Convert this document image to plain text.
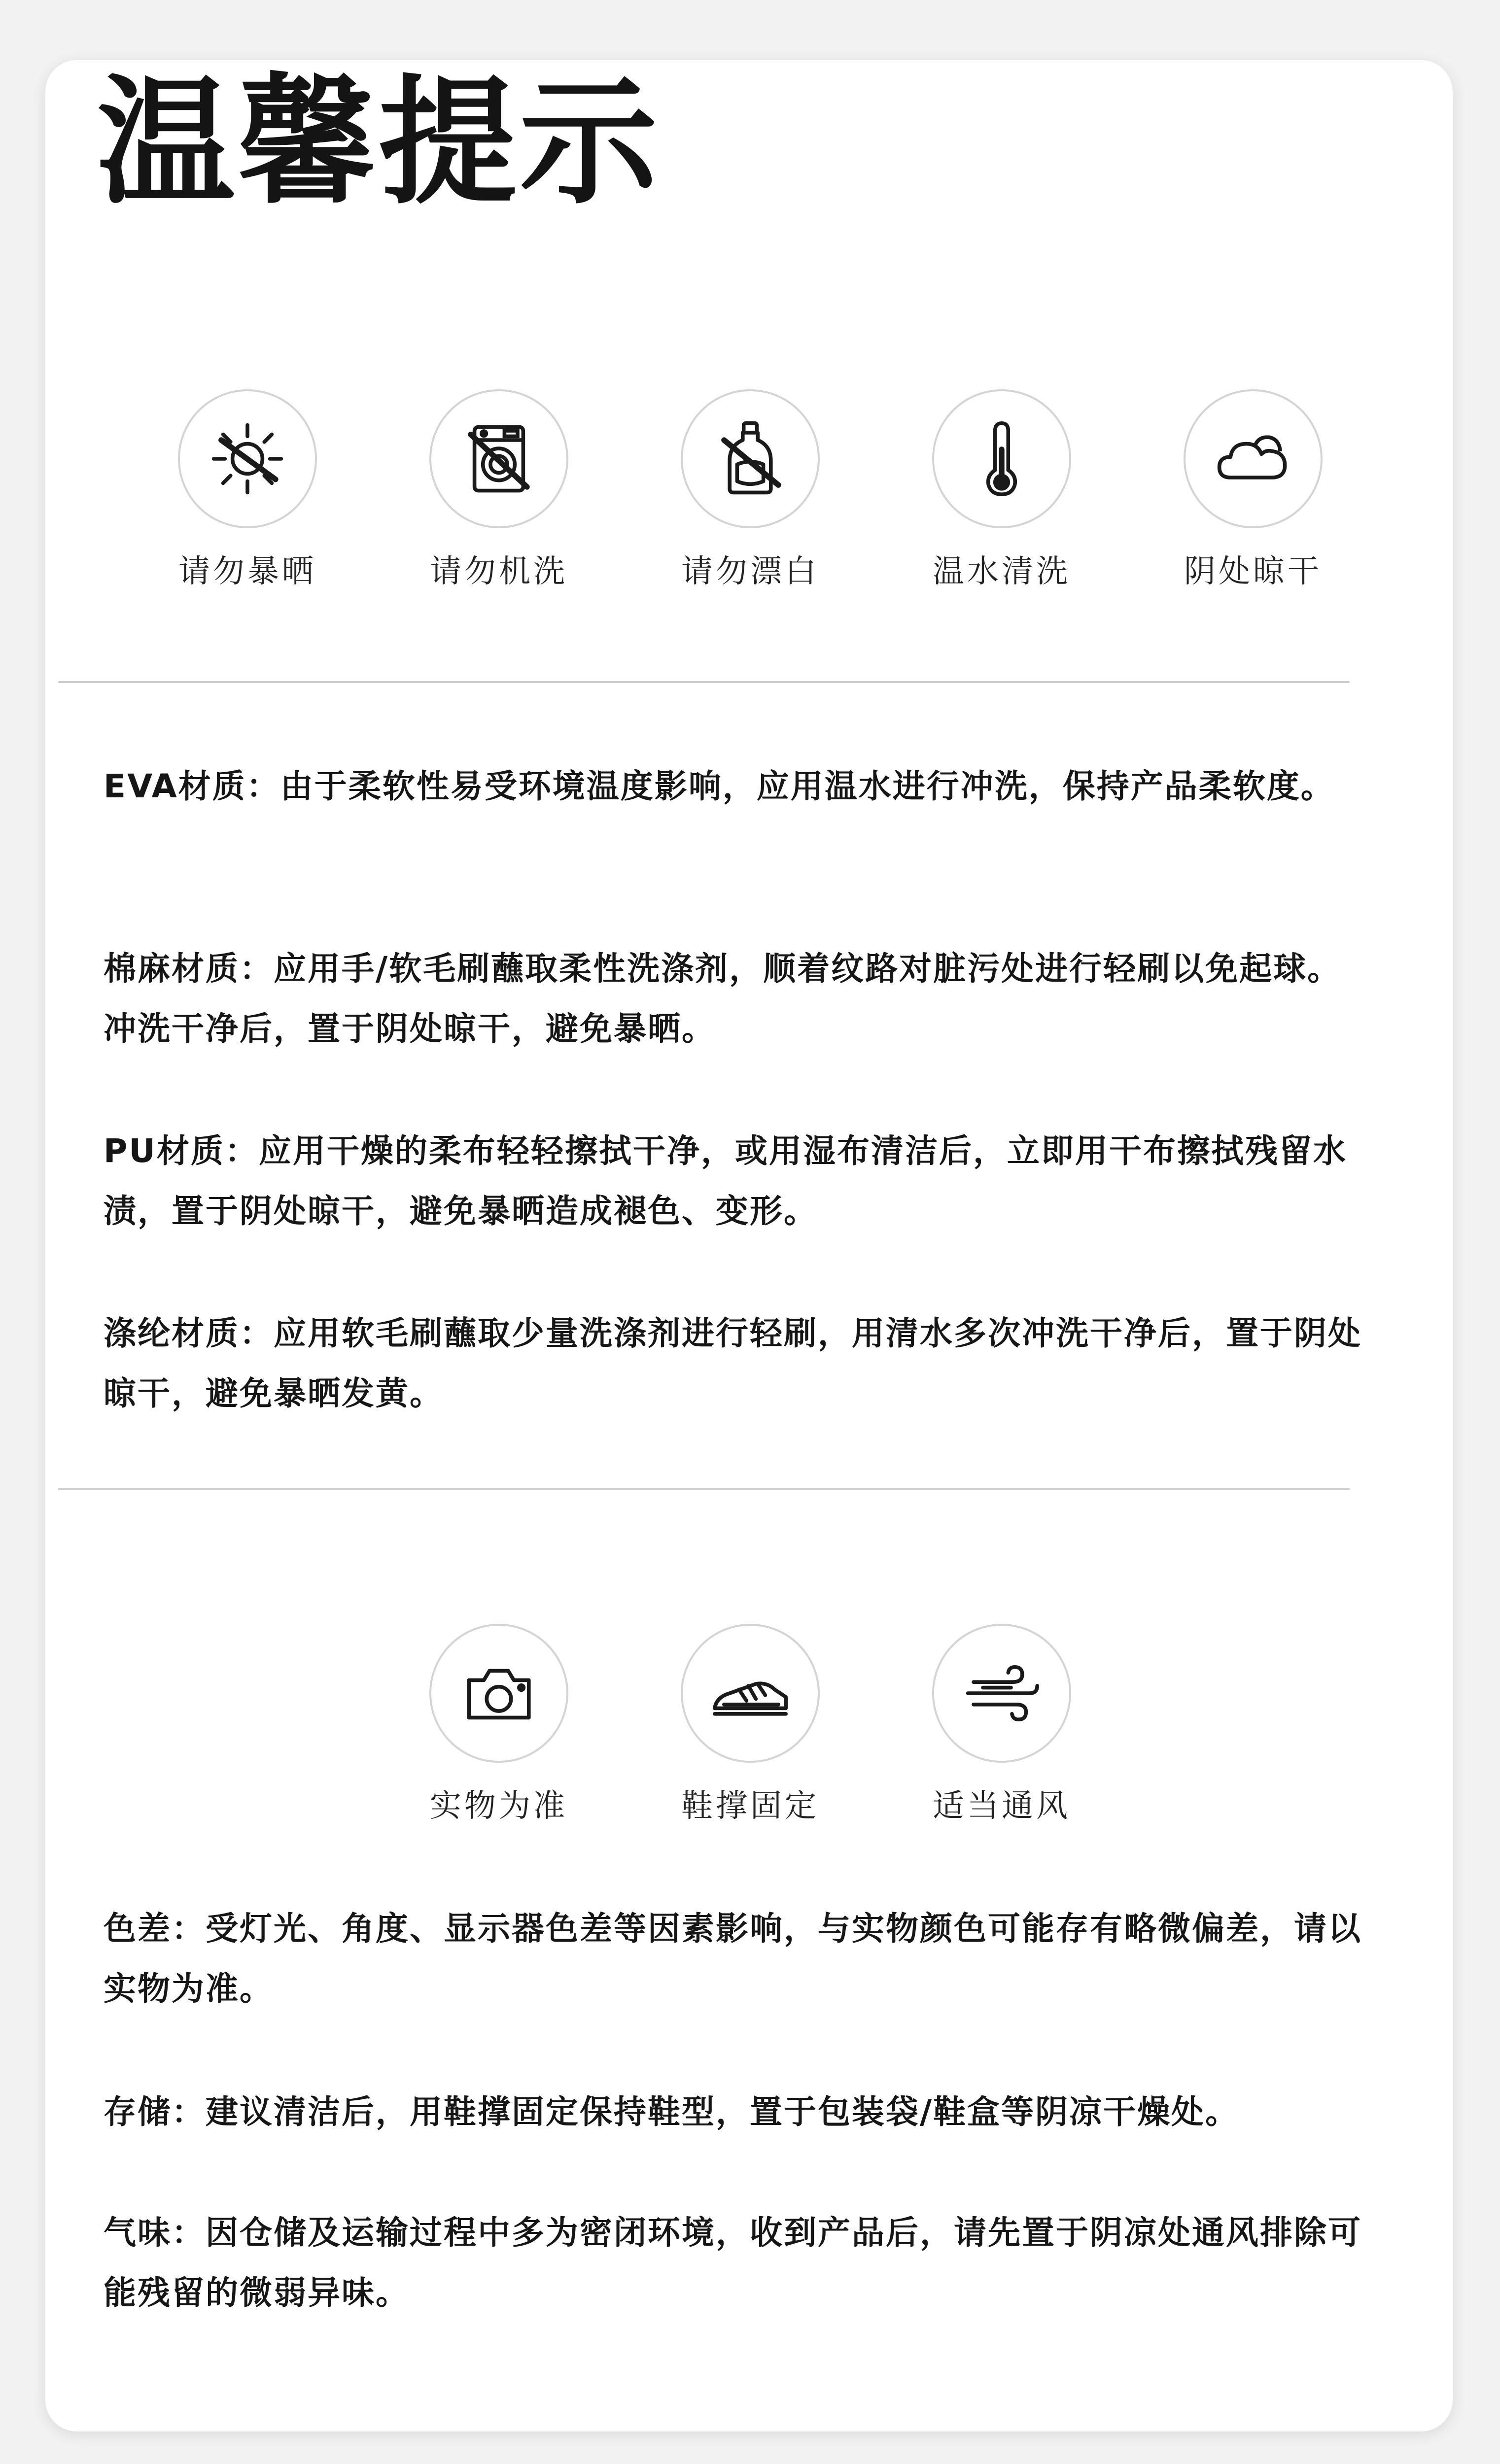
温馨提示
请勿暴晒	请勿机洗	请勿漂白	温水清洗	阴处晾干

EVA材质：由于柔软性易受环境温度影响，应用温水进行冲洗，保持产品柔软度。

棉麻材质：应用手/软毛刷蘸取柔性洗涤剂，顺着纹路对脏污处进行轻刷以免起球。冲洗干净后，置于阴处晾干，避免暴晒。

PU材质：应用干燥的柔布轻轻擦拭干净，或用湿布清洁后，立即用干布擦拭残留水渍，置于阴处晾干，避免暴晒造成褪色、变形。

涤纶材质：应用软毛刷蘸取少量洗涤剂进行轻刷，用清水多次冲洗干净后，置于阴处晾干，避免暴晒发黄。

实物为准	鞋撑固定	适当通风

色差：受灯光、角度、显示器色差等因素影响，与实物颜色可能存有略微偏差，请以实物为准。

存储：建议清洁后，用鞋撑固定保持鞋型，置于包装袋/鞋盒等阴凉干燥处。

气味：因仓储及运输过程中多为密闭环境，收到产品后，请先置于阴凉处通风排除可能残留的微弱异味。
